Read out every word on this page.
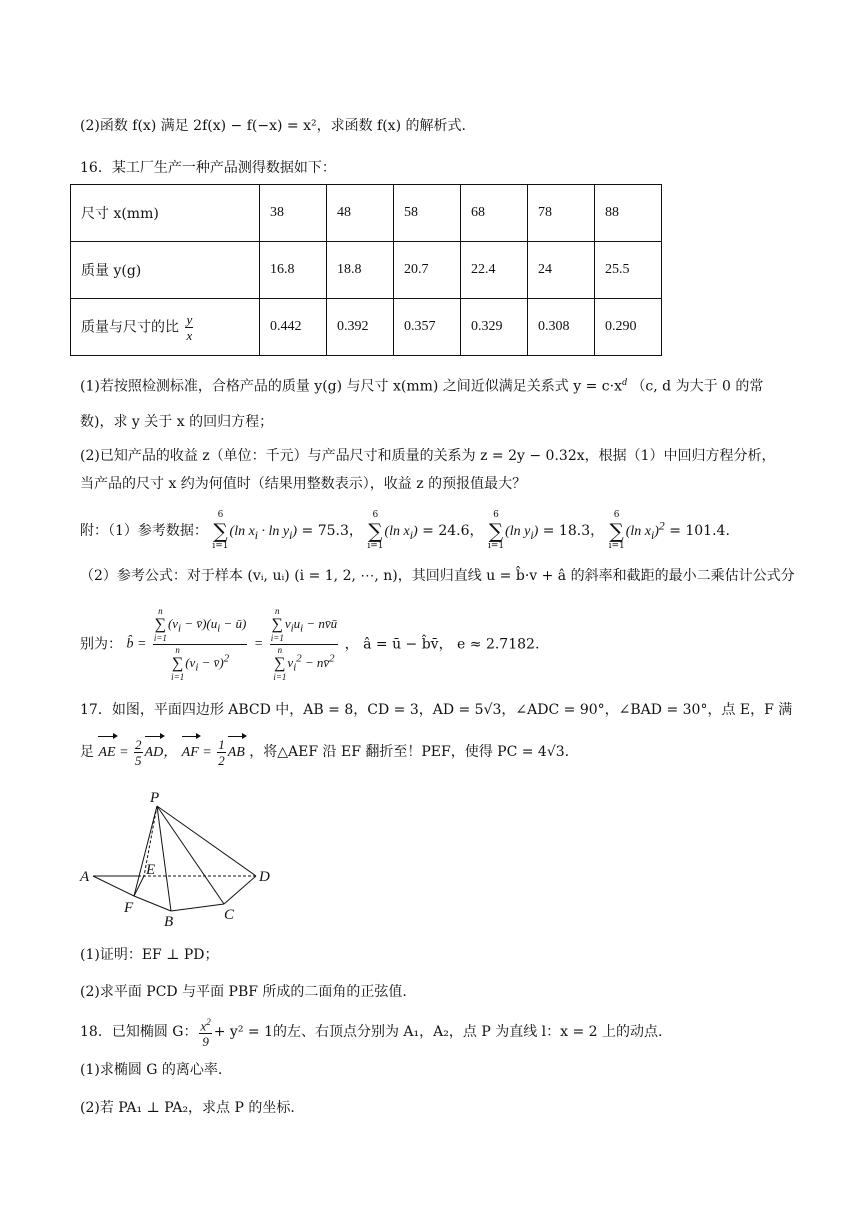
(2)函数 f(x) 满足 2f(x) − f(−x) = x²，求函数 f(x) 的解析式.
16．某工厂生产一种产品测得数据如下：
尺寸 x(mm)	38	48	58	68	78	88
质量 y(g)	16.8	18.8	20.7	22.4	24	25.5
质量与尺寸的比 $\frac{y}{x}$	0.442	0.392	0.357	0.329	0.308	0.290
(1)若按照检测标准，合格产品的质量 y(g) 与尺寸 x(mm) 之间近似满足关系式 $y = c\cdot x^d$ （c, d 为大于 0 的常
数)，求 y 关于 x 的回归方程；
(2)已知产品的收益 z（单位：千元）与产品尺寸和质量的关系为 z = 2y − 0.32x，根据（1）中回归方程分析，
当产品的尺寸 x 约为何值时（结果用整数表示），收益 z 的预报值最大？
附：（1）参考数据： 6
∑
i=1(ln $x_i \cdot \ln y_i) = 75.3$， 6
∑
i=1(ln $x_i) = 24.6$， 6
∑
i=1(ln $y_i) = 18.3$， 6
∑
i=1(ln $x_i)^2 = 101.4$.
（2）参考公式：对于样本 (vᵢ, uᵢ) (i = 1, 2, ⋯, n)，其回归直线 u = b̂·v + â 的斜率和截距的最小二乘估计公式分
别为： b̂ = n
∑
$i=1(v_i$ − $v̄)(u_i$ − ū)
n
∑
$i=1(v_i$ − v̄)$^2$ = n
∑
$i=1v_iu_i$ − nv̄ū
n
∑
$i=1v_i^2$ − nv̄$^2$ ， â = ū − b̂v̄， e ≈ 2.7182.
17．如图，平面四边形 ABCD 中，AB = 8，CD = 3，AD = 5√3，∠ADC = 90°，∠BAD = 30°，点 E，F 满
足 AE = $\frac{2}{5}$ AD， AF = $\frac{1}{2}$ AB ，将△AEF 沿 EF 翻折至！PEF，使得 PC = 4√3.
P
A	E	D
F
B	C
(1)证明：EF ⊥ PD；
(2)求平面 PCD 与平面 PBF 所成的二面角的正弦值.
18．已知椭圆 G： $\frac{x^2}{9} + y^2 = 1$的左、右顶点分别为 A₁，A₂，点 P 为直线 l：x = 2 上的动点.
(1)求椭圆 G 的离心率.
(2)若 PA₁ ⊥ PA₂，求点 P 的坐标.
